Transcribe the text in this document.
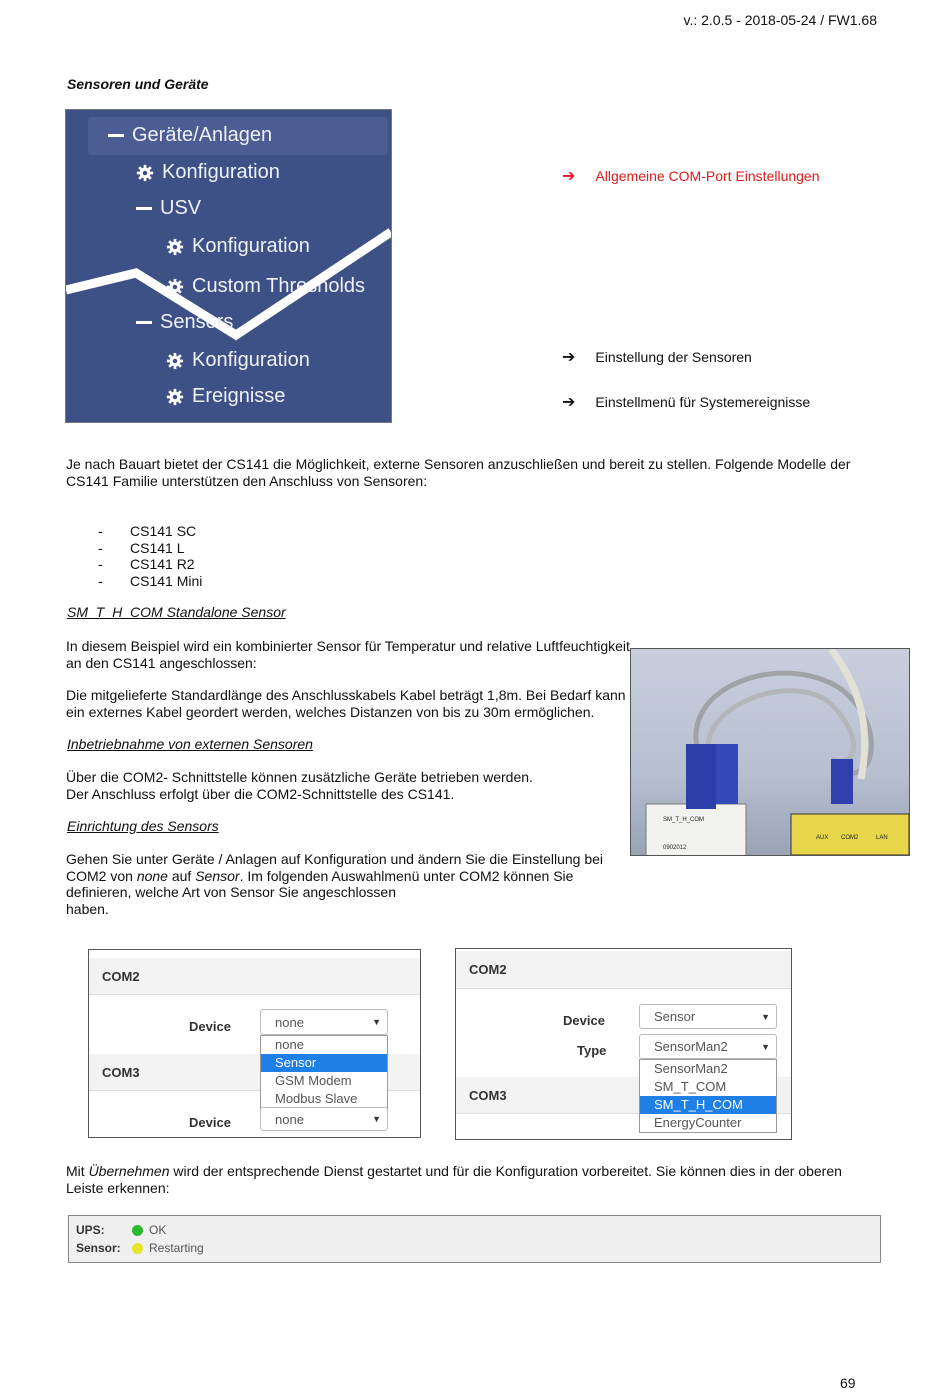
v.: 2.0.5 - 2018-05-24 / FW1.68
Sensoren und Geräte
Geräte/Anlagen
Konfiguration
USV
Konfiguration
Custom Thresholds
Sensors
Konfiguration
Ereignisse
➔ Allgemeine COM-Port Einstellungen
➔ Einstellung der Sensoren
➔ Einstellmenü für Systemereignisse
Je nach Bauart bietet der CS141 die Möglichkeit, externe Sensoren anzuschließen und bereit zu stellen. Folgende Modelle der
CS141 Familie unterstützen den Anschluss von Sensoren:
-	CS141 SC
-	CS141 L
-	CS141 R2
-	CS141 Mini
SM_T_H_COM Standalone Sensor
In diesem Beispiel wird ein kombinierter Sensor für Temperatur und relative Luftfeuchtigkeit
an den CS141 angeschlossen:
Die mitgelieferte Standardlänge des Anschlusskabels Kabel beträgt 1,8m. Bei Bedarf kann
ein externes Kabel geordert werden, welches Distanzen von bis zu 30m ermöglichen.
Inbetriebnahme von externen Sensoren
Über die COM2- Schnittstelle können zusätzliche Geräte betrieben werden.
Der Anschluss erfolgt über die COM2-Schnittstelle des CS141.
Einrichtung des Sensors
Gehen Sie unter Geräte / Anlagen auf Konfiguration und ändern Sie die Einstellung bei
COM2 von none auf Sensor. Im folgenden Auswahlmenü unter COM2 können Sie
definieren, welche Art von Sensor Sie angeschlossen
haben.
SM_T_H_COM
0902012
AUX COM2	LAN
COM2
Device	none	▼
COM3
none
Sensor
GSM Modem
Modbus Slave
Device	none	▼
COM2
Device	Sensor	▼
Type	SensorMan2	▼
COM3
SensorMan2
SM_T_COM
SM_T_H_COM
EnergyCounter
Mit Übernehmen wird der entsprechende Dienst gestartet und für die Konfiguration vorbereitet. Sie können dies in der oberen
Leiste erkennen:
UPS:	OK
Sensor:	Restarting
69
